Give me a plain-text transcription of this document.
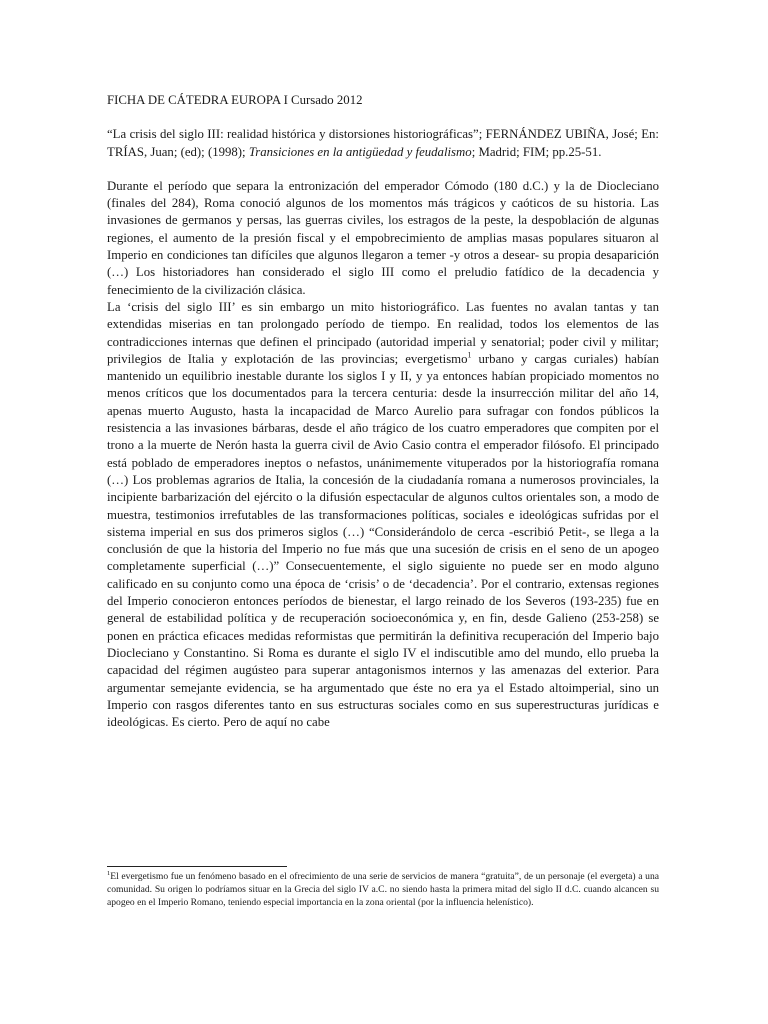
FICHA DE CÁTEDRA EUROPA I Cursado 2012

“La crisis del siglo III: realidad histórica y distorsiones historiográficas”; FERNÁNDEZ UBIÑA, José; En: TRÍAS, Juan; (ed); (1998); Transiciones en la antigüedad y feudalismo; Madrid; FIM; pp.25-51.

Durante el período que separa la entronización del emperador Cómodo (180 d.C.) y la de Diocleciano (finales del 284), Roma conoció algunos de los momentos más trágicos y caóticos de su historia. Las invasiones de germanos y persas, las guerras civiles, los estragos de la peste, la despoblación de algunas regiones, el aumento de la presión fiscal y el empobrecimiento de amplias masas populares situaron al Imperio en condiciones tan difíciles que algunos llegaron a temer -y otros a desear- su propia desaparición (…) Los historiadores han considerado el siglo III como el preludio fatídico de la decadencia y fenecimiento de la civilización clásica.

La ‘crisis del siglo III’ es sin embargo un mito historiográfico. Las fuentes no avalan tantas y tan extendidas miserias en tan prolongado período de tiempo. En realidad, todos los elementos de las contradicciones internas que definen el principado (autoridad imperial y senatorial; poder civil y militar; privilegios de Italia y explotación de las provincias; evergetismo$^1$ urbano y cargas curiales) habían mantenido un equilibrio inestable durante los siglos I y II, y ya entonces habían propiciado momentos no menos críticos que los documentados para la tercera centuria: desde la insurrección militar del año 14, apenas muerto Augusto, hasta la incapacidad de Marco Aurelio para sufragar con fondos públicos la resistencia a las invasiones bárbaras, desde el año trágico de los cuatro emperadores que compiten por el trono a la muerte de Nerón hasta la guerra civil de Avio Casio contra el emperador filósofo. El principado está poblado de emperadores ineptos o nefastos, unánimemente vituperados por la historiografía romana (…) Los problemas agrarios de Italia, la concesión de la ciudadanía romana a numerosos provinciales, la incipiente barbarización del ejército o la difusión espectacular de algunos cultos orientales son, a modo de muestra, testimonios irrefutables de las transformaciones políticas, sociales e ideológicas sufridas por el sistema imperial en sus dos primeros siglos (…) “Considerándolo de cerca -escribió Petit-, se llega a la conclusión de que la historia del Imperio no fue más que una sucesión de crisis en el seno de un apogeo completamente superficial (…)” Consecuentemente, el siglo siguiente no puede ser en modo alguno calificado en su conjunto como una época de ‘crisis’ o de ‘decadencia’. Por el contrario, extensas regiones del Imperio conocieron entonces períodos de bienestar, el largo reinado de los Severos (193-235) fue en general de estabilidad política y de recuperación socioeconómica y, en fin, desde Galieno (253-258) se ponen en práctica eficaces medidas reformistas que permitirán la definitiva recuperación del Imperio bajo Diocleciano y Constantino. Si Roma es durante el siglo IV el indiscutible amo del mundo, ello prueba la capacidad del régimen augústeo para superar antagonismos internos y las amenazas del exterior. Para argumentar semejante evidencia, se ha argumentado que éste no era ya el Estado altoimperial, sino un Imperio con rasgos diferentes tanto en sus estructuras sociales como en sus superestructuras jurídicas e ideológicas. Es cierto. Pero de aquí no cabe

$^1$El evergetismo fue un fenómeno basado en el ofrecimiento de una serie de servicios de manera “gratuita”, de un personaje (el evergeta) a una comunidad. Su origen lo podríamos situar en la Grecia del siglo IV a.C. no siendo hasta la primera mitad del siglo II d.C. cuando alcancen su apogeo en el Imperio Romano, teniendo especial importancia en la zona oriental (por la influencia helenístico).
